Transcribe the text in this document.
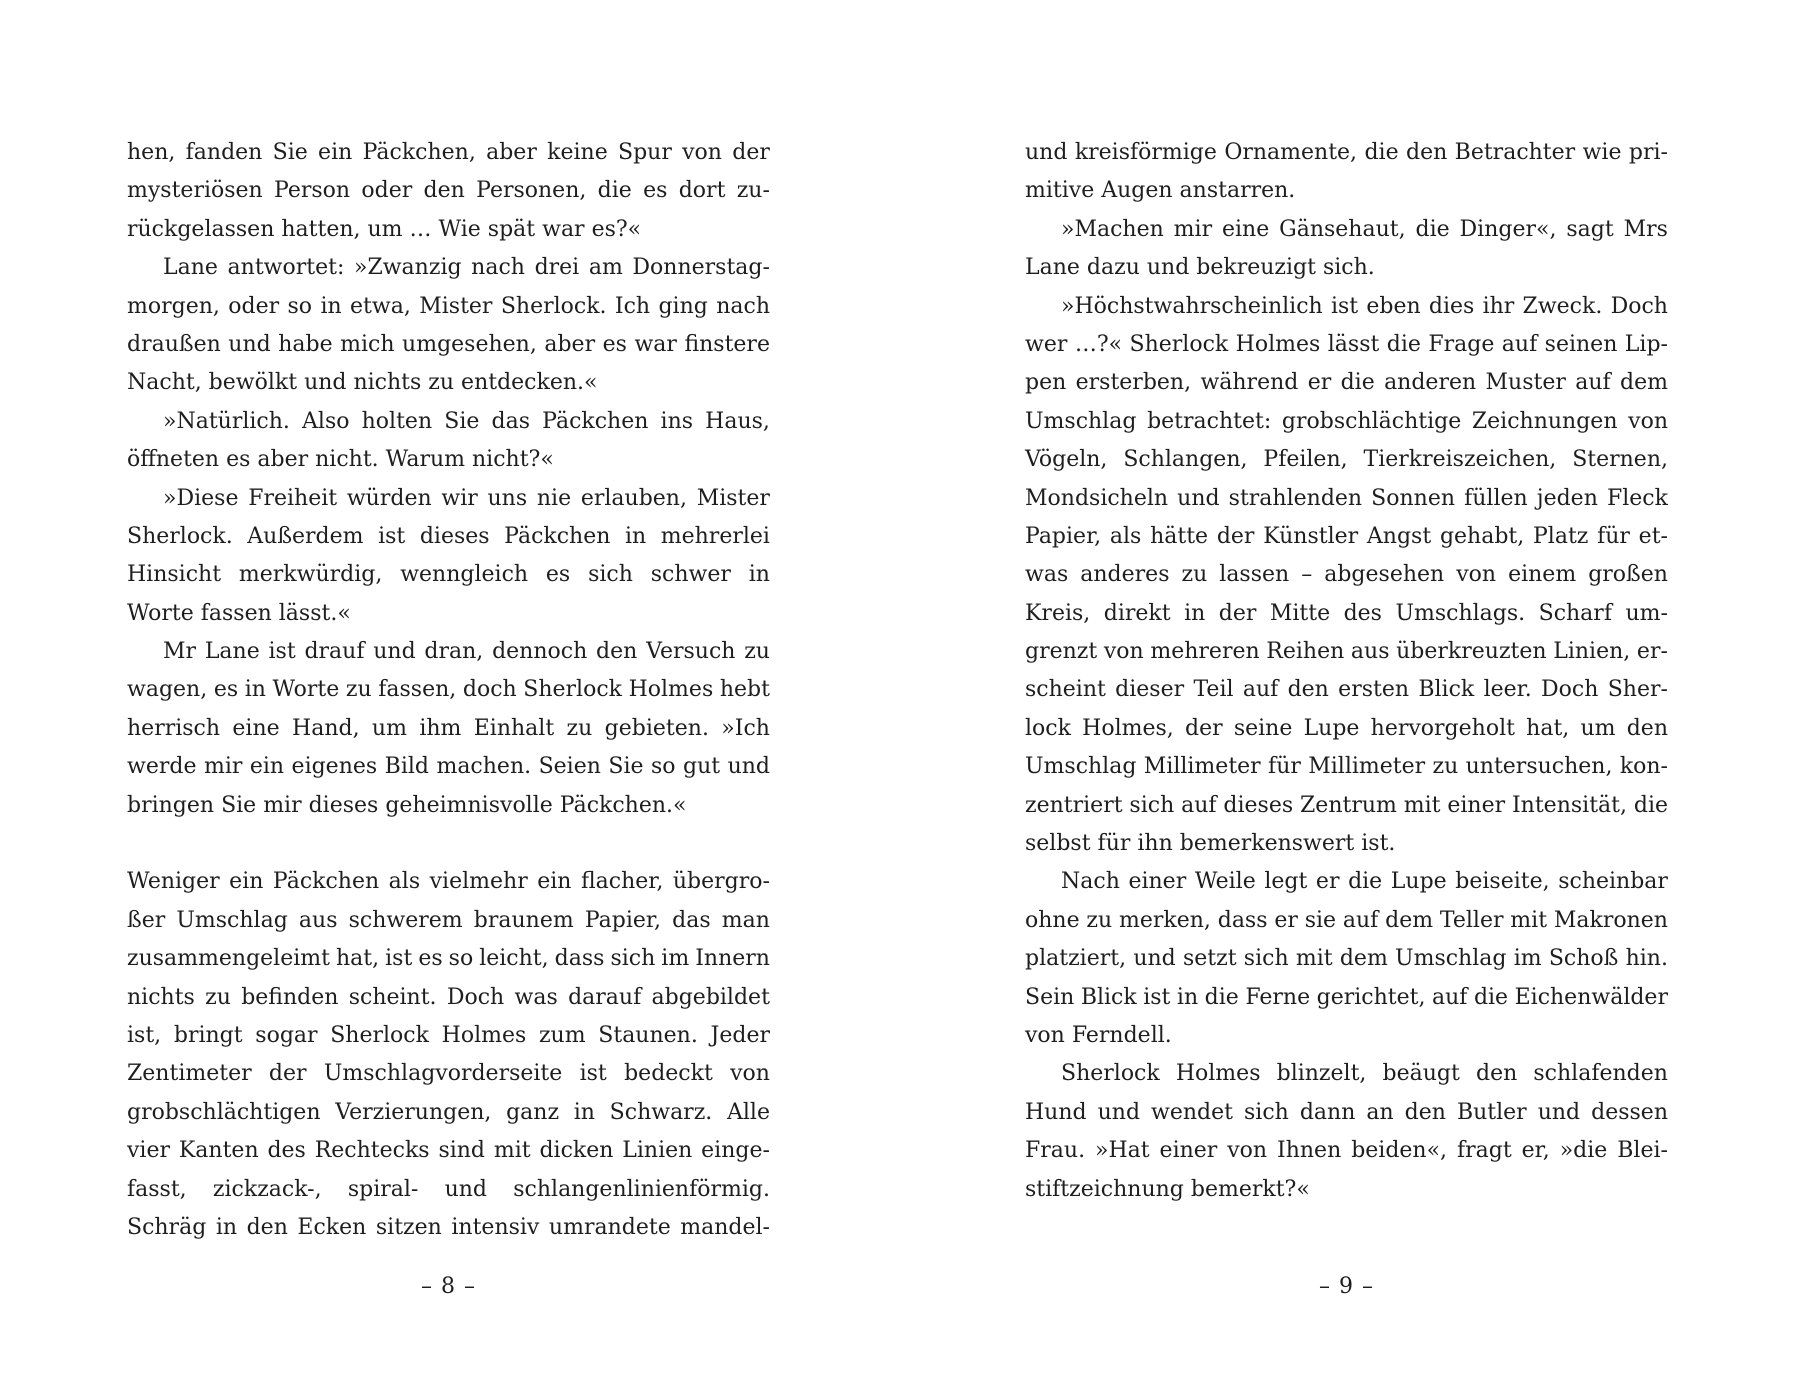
hen, fanden Sie ein Päckchen, aber keine Spur von der
mysteriösen Person oder den Personen, die es dort zu-
rückgelassen hatten, um … Wie spät war es?«
Lane antwortet: »Zwanzig nach drei am Donnerstag-
morgen, oder so in etwa, Mister Sherlock. Ich ging nach
draußen und habe mich umgesehen, aber es war finstere
Nacht, bewölkt und nichts zu entdecken.«
»Natürlich. Also holten Sie das Päckchen ins Haus,
öffneten es aber nicht. Warum nicht?«
»Diese Freiheit würden wir uns nie erlauben, Mister
Sherlock. Außerdem ist dieses Päckchen in mehrerlei
Hinsicht merkwürdig, wenngleich es sich schwer in
Worte fassen lässt.«
Mr Lane ist drauf und dran, dennoch den Versuch zu
wagen, es in Worte zu fassen, doch Sherlock Holmes hebt
herrisch eine Hand, um ihm Einhalt zu gebieten. »Ich
werde mir ein eigenes Bild machen. Seien Sie so gut und
bringen Sie mir dieses geheimnisvolle Päckchen.«
Weniger ein Päckchen als vielmehr ein flacher, übergro-
ßer Umschlag aus schwerem braunem Papier, das man
zusammengeleimt hat, ist es so leicht, dass sich im Innern
nichts zu befinden scheint. Doch was darauf abgebildet
ist, bringt sogar Sherlock Holmes zum Staunen. Jeder
Zentimeter der Umschlagvorderseite ist bedeckt von
grobschlächtigen Verzierungen, ganz in Schwarz. Alle
vier Kanten des Rechtecks sind mit dicken Linien einge-
fasst, zickzack-, spiral- und schlangenlinienförmig.
Schräg in den Ecken sitzen intensiv umrandete mandel-
– 8 –
und kreisförmige Ornamente, die den Betrachter wie pri-
mitive Augen anstarren.
»Machen mir eine Gänsehaut, die Dinger«, sagt Mrs
Lane dazu und bekreuzigt sich.
»Höchstwahrscheinlich ist eben dies ihr Zweck. Doch
wer …?« Sherlock Holmes lässt die Frage auf seinen Lip-
pen ersterben, während er die anderen Muster auf dem
Umschlag betrachtet: grobschlächtige Zeichnungen von
Vögeln, Schlangen, Pfeilen, Tierkreiszeichen, Sternen,
Mondsicheln und strahlenden Sonnen füllen jeden Fleck
Papier, als hätte der Künstler Angst gehabt, Platz für et-
was anderes zu lassen – abgesehen von einem großen
Kreis, direkt in der Mitte des Umschlags. Scharf um-
grenzt von mehreren Reihen aus überkreuzten Linien, er-
scheint dieser Teil auf den ersten Blick leer. Doch Sher-
lock Holmes, der seine Lupe hervorgeholt hat, um den
Umschlag Millimeter für Millimeter zu untersuchen, kon-
zentriert sich auf dieses Zentrum mit einer Intensität, die
selbst für ihn bemerkenswert ist.
Nach einer Weile legt er die Lupe beiseite, scheinbar
ohne zu merken, dass er sie auf dem Teller mit Makronen
platziert, und setzt sich mit dem Umschlag im Schoß hin.
Sein Blick ist in die Ferne gerichtet, auf die Eichenwälder
von Ferndell.
Sherlock Holmes blinzelt, beäugt den schlafenden
Hund und wendet sich dann an den Butler und dessen
Frau. »Hat einer von Ihnen beiden«, fragt er, »die Blei-
stiftzeichnung bemerkt?«
– 9 –
